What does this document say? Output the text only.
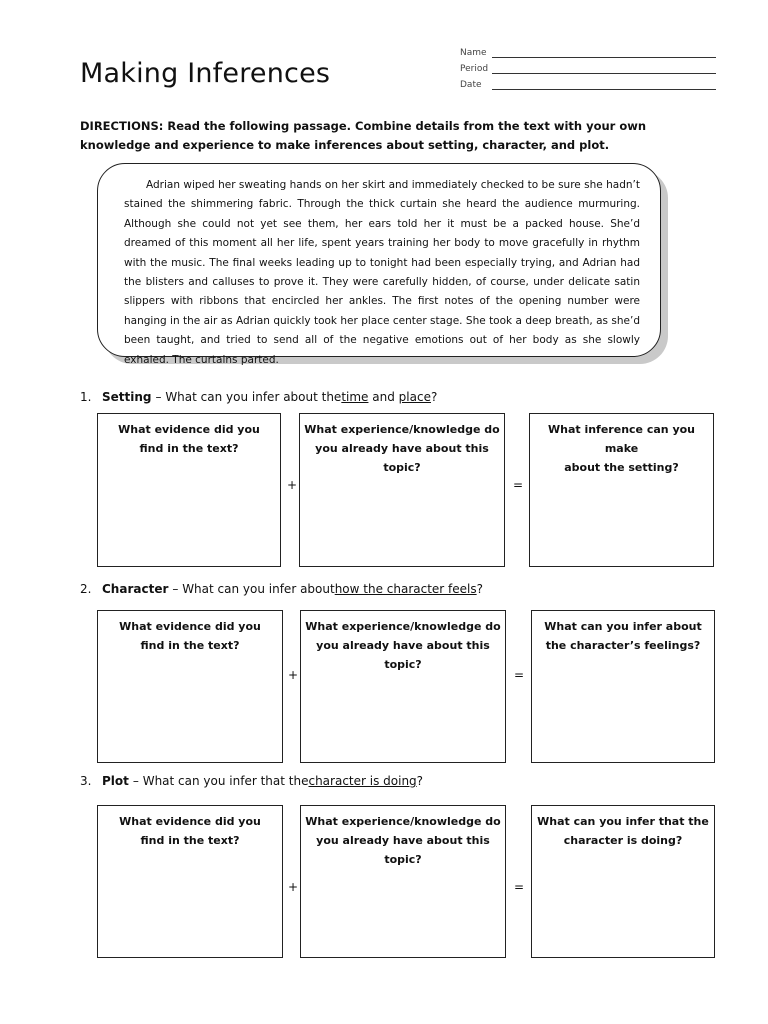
Making Inferences
Name
Period
Date
DIRECTIONS: Read the following passage. Combine details from the text with your own knowledge and experience to make inferences about setting, character, and plot.
Adrian wiped her sweating hands on her skirt and immediately checked to be sure she hadn’t stained the shimmering fabric. Through the thick curtain she heard the audience murmuring. Although she could not yet see them, her ears told her it must be a packed house. She’d dreamed of this moment all her life, spent years training her body to move gracefully in rhythm with the music. The final weeks leading up to tonight had been especially trying, and Adrian had the blisters and calluses to prove it. They were carefully hidden, of course, under delicate satin slippers with ribbons that encircled her ankles. The first notes of the opening number were hanging in the air as Adrian quickly took her place center stage. She took a deep breath, as she’d been taught, and tried to send all of the negative emotions out of her body as she slowly exhaled. The curtains parted.
1. Setting – What can you infer about the time and place ?
What evidence did you
find in the text?
+
What experience/knowledge do
you already have about this topic?
=
What inference can you make
about the setting?
2. Character – What can you infer about how the character feels ?
What evidence did you
find in the text?
+
What experience/knowledge do
you already have about this topic?
=
What can you infer about
the character’s feelings?
3. Plot – What can you infer that the character is doing ?
What evidence did you
find in the text?
+
What experience/knowledge do
you already have about this topic?
=
What can you infer that the
character is doing?
